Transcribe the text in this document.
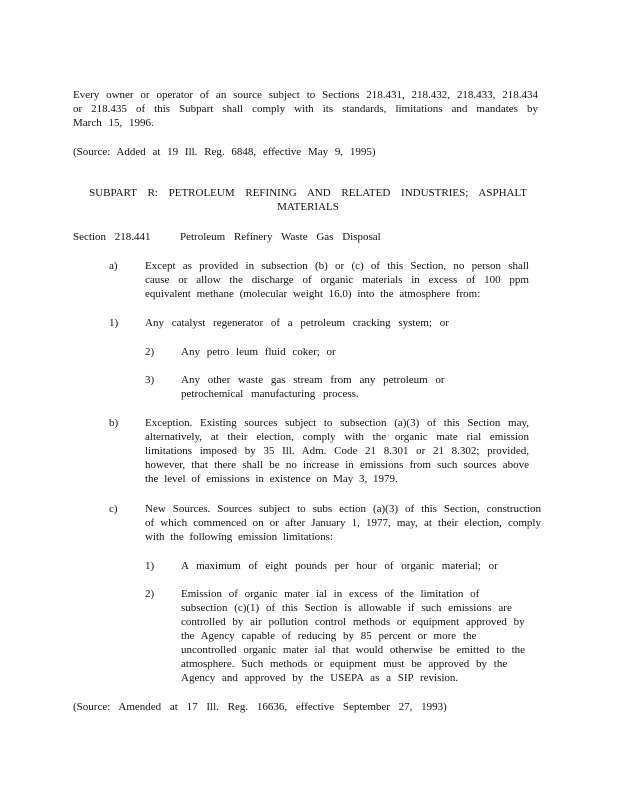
Every owner or operator of an source subject to Sections 218.431, 218.432, 218.433, 218.434 or 218.435 of this Subpart shall comply with its standards, limitations and mandates by March 15, 1996.

(Source: Added at 19 Ill. Reg. 6848, effective May 9, 1995)

SUBPART R: PETROLEUM REFINING AND RELATED INDUSTRIES; ASPHALT
MATERIALS
Section 218.441	Petroleum Refinery Waste Gas Disposal
a) Except as provided in subsection (b) or (c) of this Section, no person shall cause or allow the discharge of organic materials in excess of 100 ppm equivalent methane (molecular weight 16.0) into the atmosphere from:
1) Any catalyst regenerator of a petroleum cracking system; or
2) Any petro leum fluid coker; or
3) Any other waste gas stream from any petroleum or petrochemical manufacturing process.
b) Exception. Existing sources subject to subsection (a)(3) of this Section may, alternatively, at their election, comply with the organic mate rial emission limitations imposed by 35 Ill. Adm. Code 21 8.301 or 21 8.302; provided, however, that there shall be no increase in emissions from such sources above the level of emissions in existence on May 3, 1979.
c) New Sources. Sources subject to subs ection (a)(3) of this Section, construction of which commenced on or after January 1, 1977, may, at their election, comply with the following emission limitations:
1) A maximum of eight pounds per hour of organic material; or
2) Emission of organic mater ial in excess of the limitation of subsection (c)(1) of this Section is allowable if such emissions are controlled by air pollution control methods or equipment approved by the Agency capable of reducing by 85 percent or more the uncontrolled organic mater ial that would otherwise be emitted to the atmosphere. Such methods or equipment must be approved by the Agency and approved by the USEPA as a SIP revision.

(Source: Amended at 17 Ill. Reg. 16636, effective September 27, 1993)
